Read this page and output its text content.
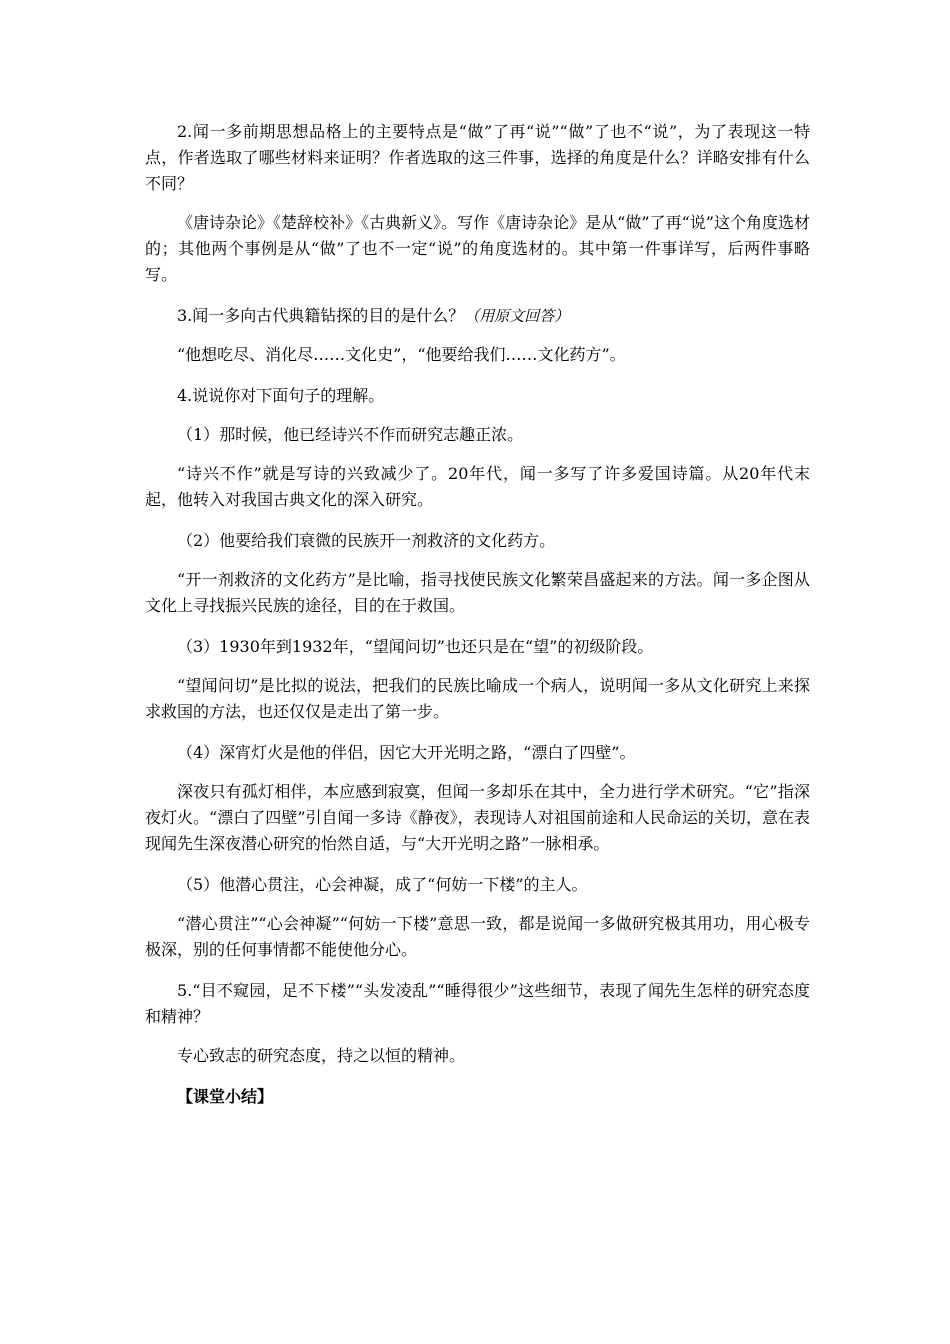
2.闻一多前期思想品格上的主要特点是“做”了再“说”“做”了也不“说”，为了表现这一特点，作者选取了哪些材料来证明？作者选取的这三件事，选择的角度是什么？详略安排有什么不同？

《唐诗杂论》《楚辞校补》《古典新义》。写作《唐诗杂论》是从“做”了再“说”这个角度选材的；其他两个事例是从“做”了也不一定“说”的角度选材的。其中第一件事详写，后两件事略写。

3.闻一多向古代典籍钻探的目的是什么？（用原文回答）

“他想吃尽、消化尽……文化史”，“他要给我们……文化药方”。

4.说说你对下面句子的理解。

（1）那时候，他已经诗兴不作而研究志趣正浓。

“诗兴不作”就是写诗的兴致减少了。20年代，闻一多写了许多爱国诗篇。从20年代末起，他转入对我国古典文化的深入研究。

（2）他要给我们衰微的民族开一剂救济的文化药方。

“开一剂救济的文化药方”是比喻，指寻找使民族文化繁荣昌盛起来的方法。闻一多企图从文化上寻找振兴民族的途径，目的在于救国。

（3）1930年到1932年，“望闻问切”也还只是在“望”的初级阶段。

“望闻问切”是比拟的说法，把我们的民族比喻成一个病人，说明闻一多从文化研究上来探求救国的方法，也还仅仅是走出了第一步。

（4）深宵灯火是他的伴侣，因它大开光明之路，“漂白了四壁”。

深夜只有孤灯相伴，本应感到寂寞，但闻一多却乐在其中，全力进行学术研究。“它”指深夜灯火。“漂白了四壁”引自闻一多诗《静夜》，表现诗人对祖国前途和人民命运的关切，意在表现闻先生深夜潜心研究的怡然自适，与“大开光明之路”一脉相承。

（5）他潜心贯注，心会神凝，成了“何妨一下楼”的主人。

“潜心贯注”“心会神凝”“何妨一下楼”意思一致，都是说闻一多做研究极其用功，用心极专极深，别的任何事情都不能使他分心。

5.“目不窥园，足不下楼”“头发凌乱”“睡得很少”这些细节，表现了闻先生怎样的研究态度和精神？

专心致志的研究态度，持之以恒的精神。

【课堂小结】
